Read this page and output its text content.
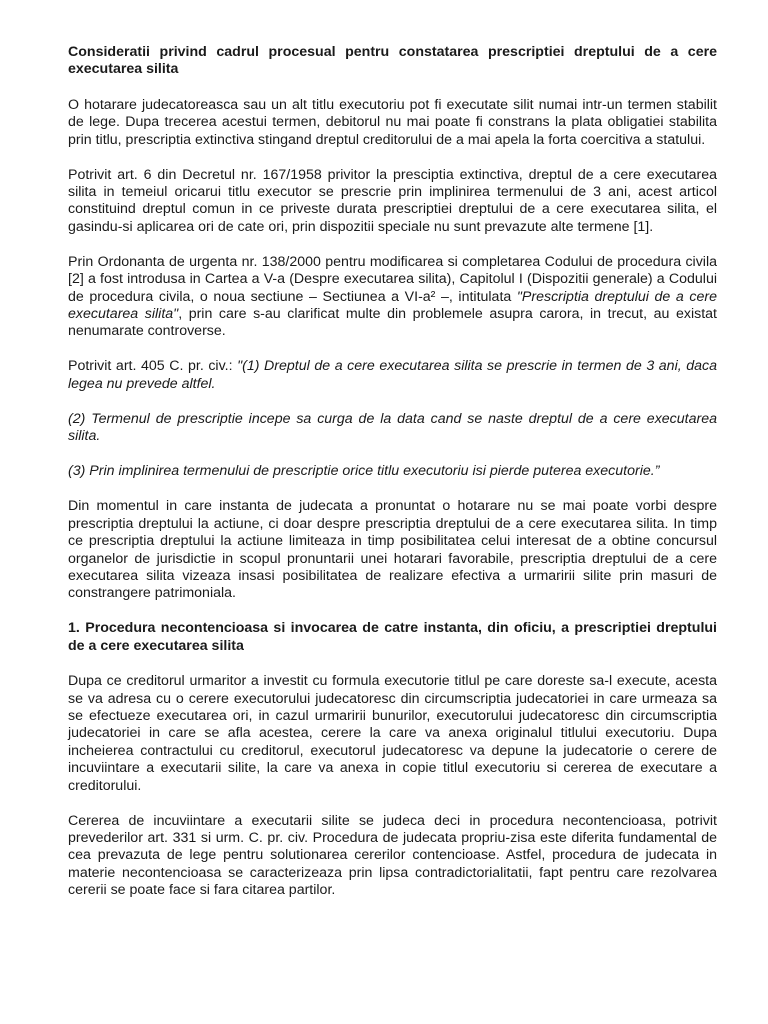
Consideratii privind cadrul procesual pentru constatarea prescriptiei dreptului de a cere executarea silita

O hotarare judecatoreasca sau un alt titlu executoriu pot fi executate silit numai intr-un termen stabilit de lege. Dupa trecerea acestui termen, debitorul nu mai poate fi constrans la plata obligatiei stabilita prin titlu, prescriptia extinctiva stingand dreptul creditorului de a mai apela la forta coercitiva a statului.

Potrivit art. 6 din Decretul nr. 167/1958 privitor la presciptia extinctiva, dreptul de a cere executarea silita in temeiul oricarui titlu executor se prescrie prin implinirea termenului de 3 ani, acest articol constituind dreptul comun in ce priveste durata prescriptiei dreptului de a cere executarea silita, el gasindu-si aplicarea ori de cate ori, prin dispozitii speciale nu sunt prevazute alte termene [1].

Prin Ordonanta de urgenta nr. 138/2000 pentru modificarea si completarea Codului de procedura civila [2] a fost introdusa in Cartea a V-a (Despre executarea silita), Capitolul I (Dispozitii generale) a Codului de procedura civila, o noua sectiune – Sectiunea a VI-a² –, intitulata "Prescriptia dreptului de a cere executarea silita", prin care s-au clarificat multe din problemele asupra carora, in trecut, au existat nenumarate controverse.

Potrivit art. 405 C. pr. civ.: "(1) Dreptul de a cere executarea silita se prescrie in termen de 3 ani, daca legea nu prevede altfel.

(2) Termenul de prescriptie incepe sa curga de la data cand se naste dreptul de a cere executarea silita.

(3) Prin implinirea termenului de prescriptie orice titlu executoriu isi pierde puterea executorie.”

Din momentul in care instanta de judecata a pronuntat o hotarare nu se mai poate vorbi despre prescriptia dreptului la actiune, ci doar despre prescriptia dreptului de a cere executarea silita. In timp ce prescriptia dreptului la actiune limiteaza in timp posibilitatea celui interesat de a obtine concursul organelor de jurisdictie in scopul pronuntarii unei hotarari favorabile, prescriptia dreptului de a cere executarea silita vizeaza insasi posibilitatea de realizare efectiva a urmaririi silite prin masuri de constrangere patrimoniala.

1. Procedura necontencioasa si invocarea de catre instanta, din oficiu, a prescriptiei dreptului de a cere executarea silita

Dupa ce creditorul urmaritor a investit cu formula executorie titlul pe care doreste sa-l execute, acesta se va adresa cu o cerere executorului judecatoresc din circumscriptia judecatoriei in care urmeaza sa se efectueze executarea ori, in cazul urmaririi bunurilor, executorului judecatoresc din circumscriptia judecatoriei in care se afla acestea, cerere la care va anexa originalul titlului executoriu. Dupa incheierea contractului cu creditorul, executorul judecatoresc va depune la judecatorie o cerere de incuviintare a executarii silite, la care va anexa in copie titlul executoriu si cererea de executare a creditorului.

Cererea de incuviintare a executarii silite se judeca deci in procedura necontencioasa, potrivit prevederilor art. 331 si urm. C. pr. civ. Procedura de judecata propriu-zisa este diferita fundamental de cea prevazuta de lege pentru solutionarea cererilor contencioase. Astfel, procedura de judecata in materie necontencioasa se caracterizeaza prin lipsa contradictorialitatii, fapt pentru care rezolvarea cererii se poate face si fara citarea partilor.
